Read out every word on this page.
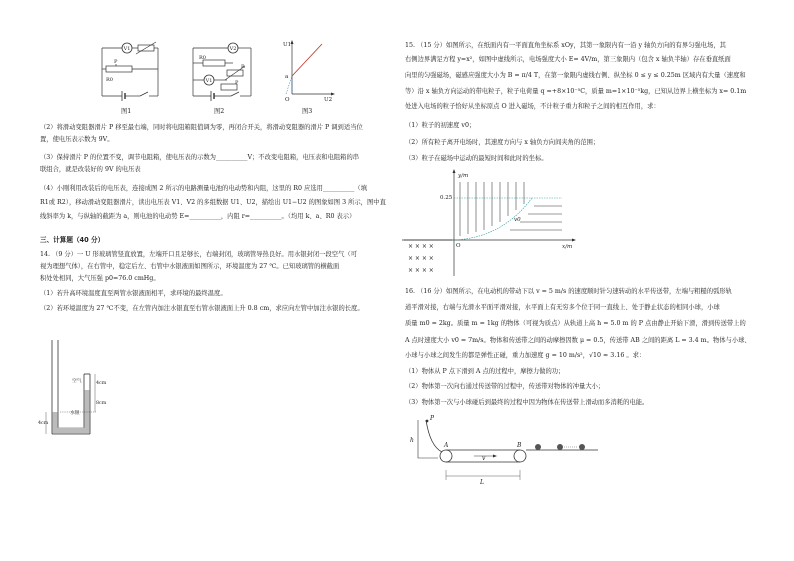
V1
P
R0
图1
V2
R0
R
V1	P
图2
U1
U2
O
a
图3
（2）将滑动变阻器滑片 P 移至最右端，同时将电阻箱阻值调为零，再闭合开关，将滑动变阻器的滑片 P 调到适当位
置，使电压表示数为 9V。
（3）保持滑片 P 的位置不变，调节电阻箱，使电压表的示数为__________V；不改变电阻箱，电压表和电阻箱的串
联组合，就是改装好的 9V 的电压表
（4）小刚利用改装后的电压表，连接成图 2 所示的电路测量电池的电动势和内阻，这里的 R0 应选用__________（填
R1或 R2），移动滑动变阻器滑片，读出电压表 V1、V2 的多组数据 U1、U2，描绘出 U1−U2 的图象如图 3 所示，图中直
线斜率为 k，与纵轴的截距为 a，则电池的电动势 E=__________，内阻 r=__________。（均用 k、a、R0 表示）
三、计算题（40 分）
14. （9 分）一 U 形玻璃管竖直放置，左端开口且足够长，右端封闭，玻璃管导热良好。用水银封闭一段空气（可
视为理想气体），在右管中，稳定后左、右管中水银液面如图所示，环境温度为 27 ℃。已知玻璃管的横截面
积处处相同，大气压强 p0=76.0 cmHg。
（1）若升高环境温度直至两管水银液面相平，求环境的最终温度。
（2）若环境温度为 27 ℃不变，在左管内加注水银直至右管水银液面上升 0.8 cm，求应向左管中加注水银的长度。
空气
水银
4cm
8cm
4cm
15. （15 分）如图所示，在纸面内有一平面直角坐标系 xOy，其第一象限内有一沿 y 轴负方向的有界匀强电场，其
右侧边界满足方程 y=x²，如图中虚线所示，电场强度大小 E= 4V/m，第三象限内（包含 x 轴负半轴）存在垂直纸面
向里的匀强磁场，磁感应强度大小为 B = π/4 T，在第一象限内虚线右侧、纵坐标 0 ≤ y ≤ 0.25m 区域内有大量（速度和
等）沿 x 轴负方向运动的带电粒子，粒子电荷量 q =+8×10⁻⁵C，质量 m=1×10⁻⁵kg，已知从边界上横坐标为 x= 0.1m
处进入电场的粒子恰好从坐标原点 O 进入磁场，不计粒子重力和粒子之间的相互作用，求：
（1）粒子的初速度 v0；
（2）所有粒子离开电场时，其速度方向与 x 轴负方向间夹角的范围；
（3）粒子在磁场中运动的最短时间和此时的坐标。
y/m
x/m
0.25
O
v0
× × × ×
× × × ×
× × × ×
16. （16 分）如图所示，在电动机的带动下以 v = 5 m/s 的速度顺时针匀速转动的水平传送带，左端与粗糙的弧形轨
道平滑对接，右端与光滑水平面平滑对接，水平面上有无穷多个位于同一直线上、处于静止状态的相同小球，小球
质量 m0 = 2kg。质量 m = 1kg 的物体（可视为质点）从轨道上高 h = 5.0 m 的 P 点由静止开始下滑，滑到传送带上的
A 点时速度大小 v0 = 7m/s。物体和传送带之间的动摩擦因数 μ = 0.5，传送带 AB 之间的距离 L = 3.4 m。物体与小球、
小球与小球之间发生的都是弹性正碰，重力加速度 g = 10 m/s²，√10 ≈ 3.16 。求：
（1）物体从 P 点下滑到 A 点的过程中，摩擦力做的功；
（2）物体第一次向右通过传送带的过程中，传送带对物体的冲量大小；
（3）物体第一次与小球碰后到最终的过程中因为物体在传送带上滑动而多消耗的电能。
P
h
v
A	B
L
